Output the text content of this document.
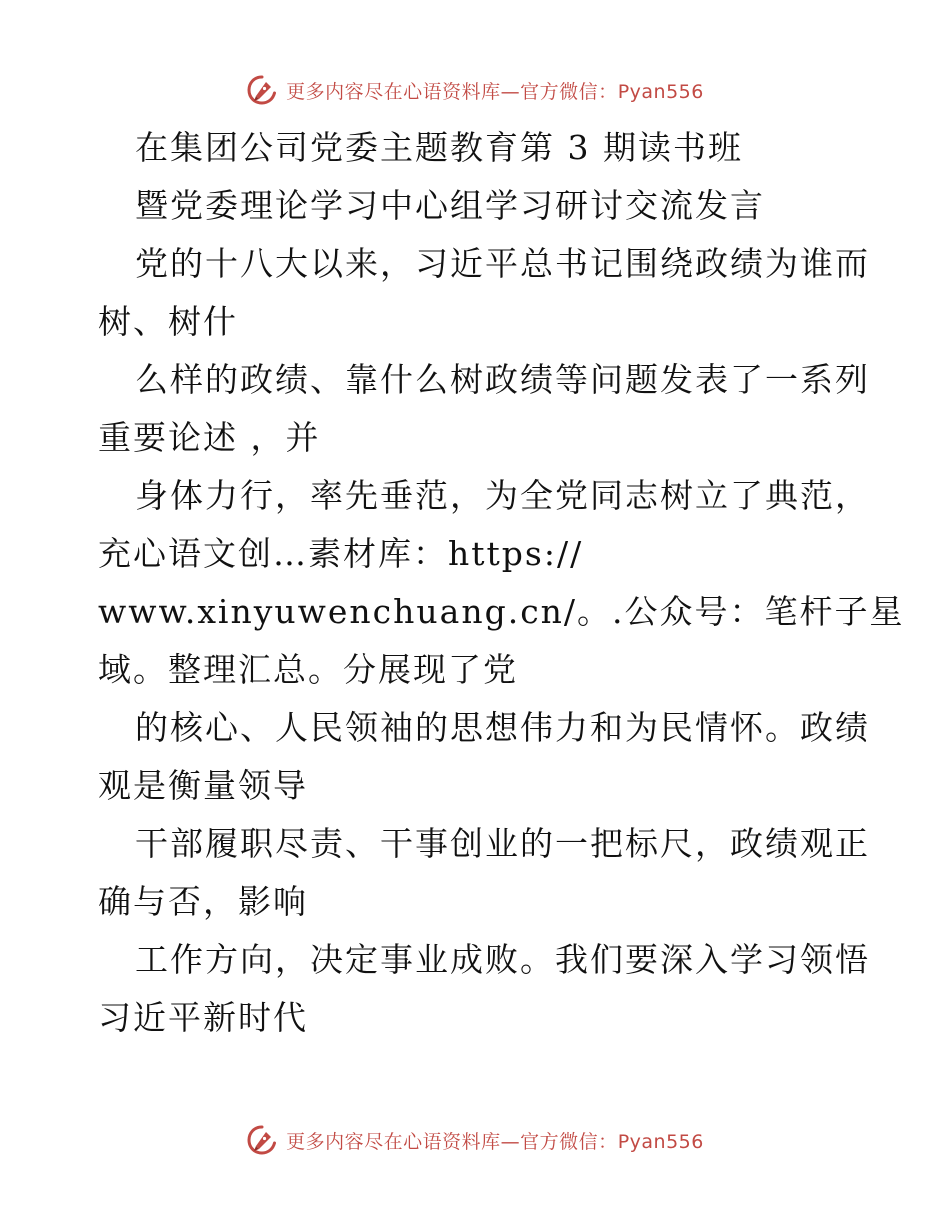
更多内容尽在心语资料库—官方微信：Pyan556
在集团公司党委主题教育第 3 期读书班
暨党委理论学习中心组学习研讨交流发言
党的十八大以来，习近平总书记围绕政绩为谁而
树、树什
么样的政绩、靠什么树政绩等问题发表了一系列
重要论述 ，并
身体力行，率先垂范，为全党同志树立了典范，
充心语文创…素材库：https://
www.xinyuwenchuang.cn/。.公众号：笔杆子星
域。整理汇总。分展现了党
的核心、人民领袖的思想伟力和为民情怀。政绩
观是衡量领导
干部履职尽责、干事创业的一把标尺，政绩观正
确与否，影响
工作方向，决定事业成败。我们要深入学习领悟
习近平新时代
更多内容尽在心语资料库—官方微信：Pyan556
